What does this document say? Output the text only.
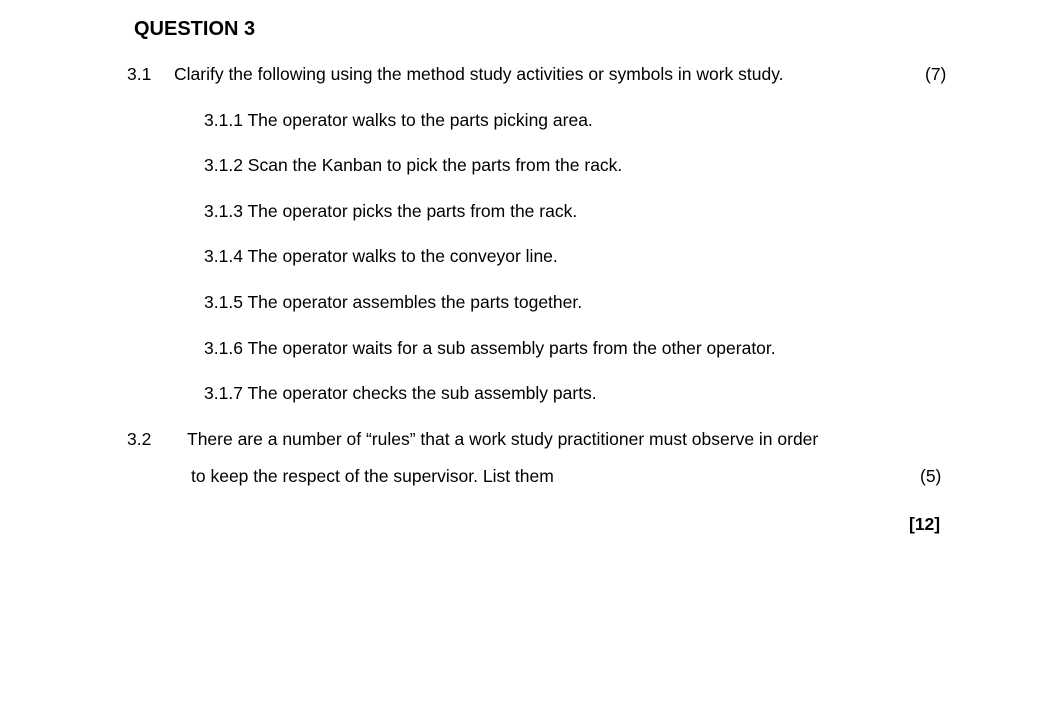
QUESTION 3
3.1 Clarify the following using the method study activities or symbols in work study.	(7)
3.1.1 The operator walks to the parts picking area.
3.1.2 Scan the Kanban to pick the parts from the rack.
3.1.3 The operator picks the parts from the rack.
3.1.4 The operator walks to the conveyor line.
3.1.5 The operator assembles the parts together.
3.1.6 The operator waits for a sub assembly parts from the other operator.
3.1.7 The operator checks the sub assembly parts.
3.2 There are a number of “rules” that a work study practitioner must observe in order
to keep the respect of the supervisor. List them	(5)
[12]
